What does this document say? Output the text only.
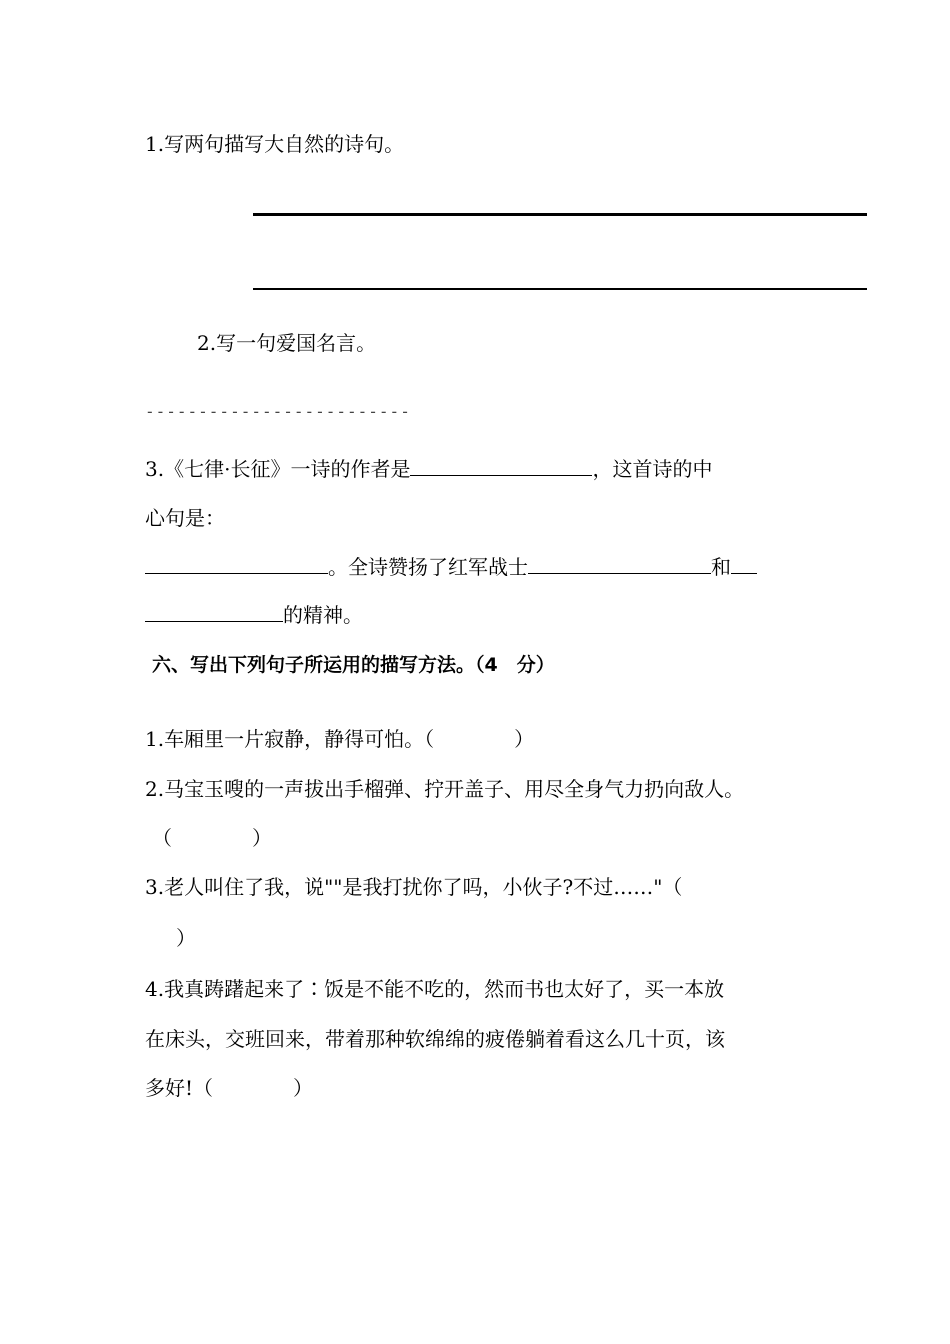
1.写两句描写大自然的诗句。
2.写一句爱国名言。
-------------------------
3.《七律·长征》一诗的作者是	，这首诗的中
心句是：
。全诗赞扬了红军战士	和
的精神。
六、写出下列句子所运用的描写方法。（4　分）
1.车厢里一片寂静，静得可怕。（　　　　）
2.马宝玉嗖的一声拔出手榴弹、拧开盖子、用尽全身气力扔向敌人。
（　　　　）
3.老人叫住了我，说""是我打扰你了吗，小伙子?不过……"（
）
4.我真踌躇起来了∶饭是不能不吃的，然而书也太好了，买一本放
在床头，交班回来，带着那种软绵绵的疲倦躺着看这么几十页，该
多好!（　　　　）
